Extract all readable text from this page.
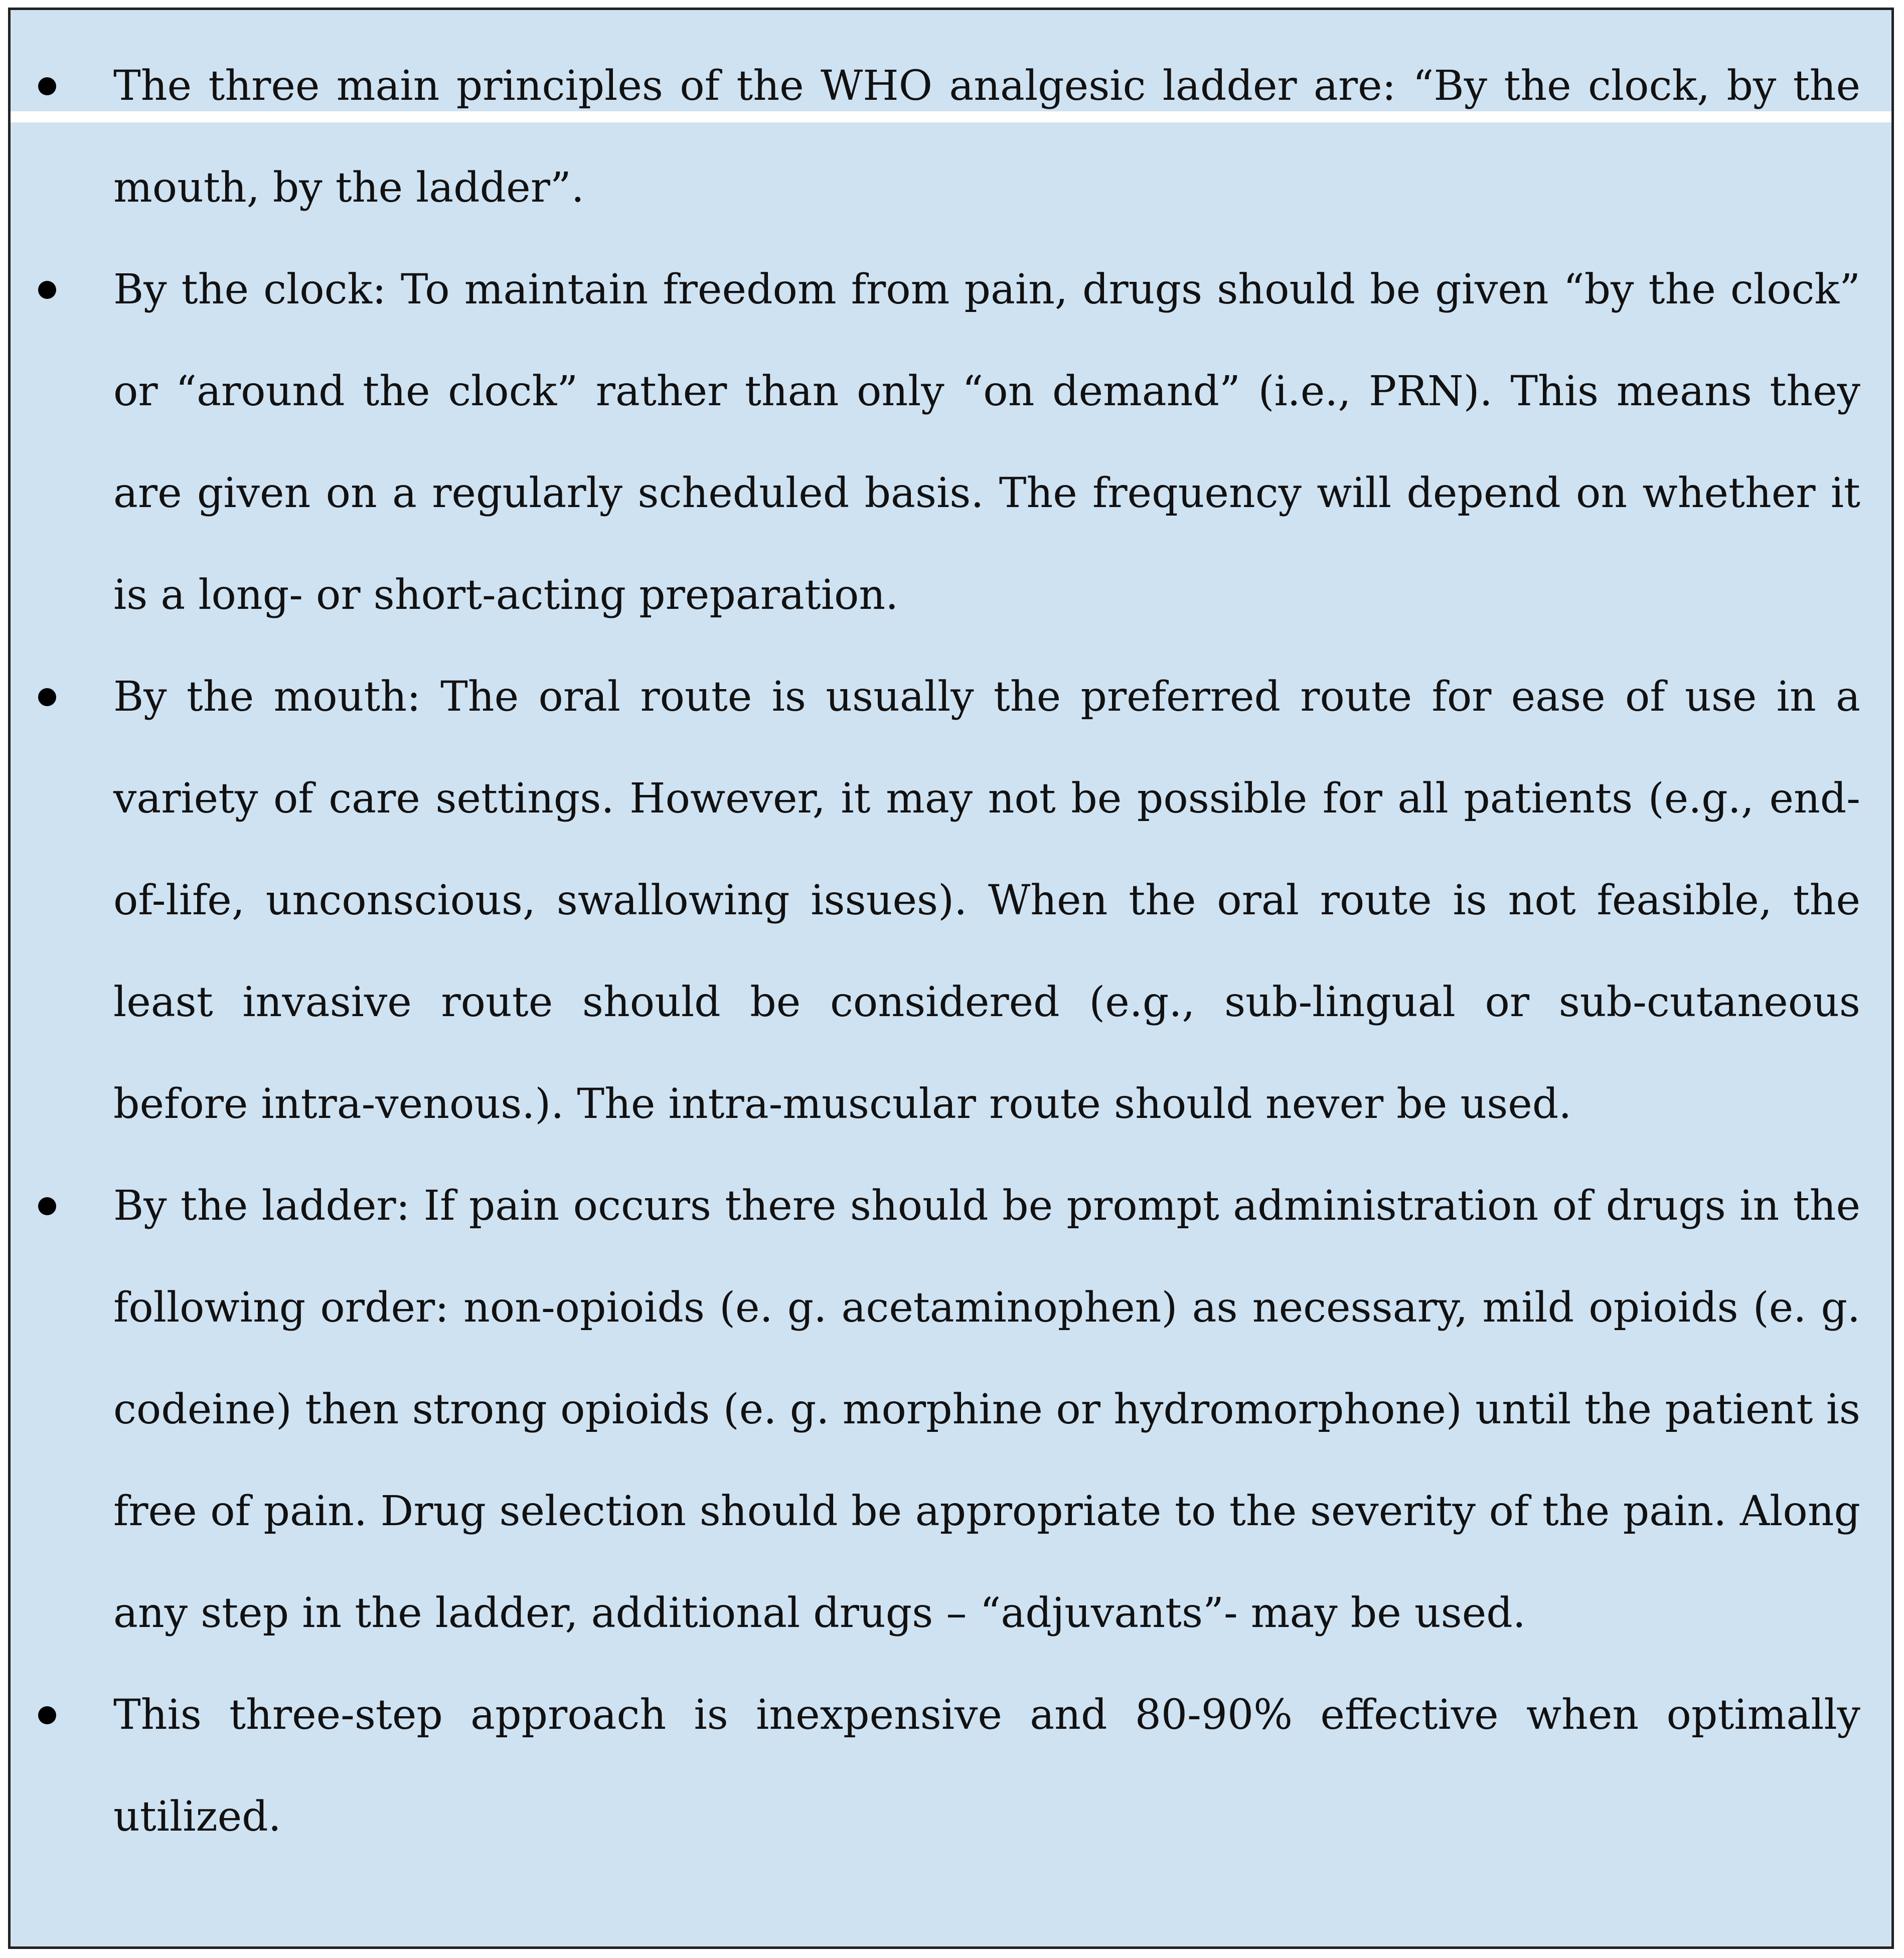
The three main principles of the WHO analgesic ladder are: “By the clock, by the mouth, by the ladder”.
By the clock: To maintain freedom from pain, drugs should be given “by the clock” or “around the clock” rather than only “on demand” (i.e., PRN). This means they are given on a regularly scheduled basis. The frequency will depend on whether it is a long- or short-acting preparation.
By the mouth: The oral route is usually the preferred route for ease of use in a variety of care settings. However, it may not be possible for all patients (e.g., end-of-life, unconscious, swallowing issues). When the oral route is not feasible, the least invasive route should be considered (e.g., sub-lingual or sub-cutaneous before intra-venous.). The intra-muscular route should never be used.
By the ladder: If pain occurs there should be prompt administration of drugs in the following order: non-opioids (e. g. acetaminophen) as necessary, mild opioids (e. g. codeine) then strong opioids (e. g. morphine or hydromorphone) until the patient is free of pain. Drug selection should be appropriate to the severity of the pain. Along any step in the ladder, additional drugs – “adjuvants”- may be used.
This three-step approach is inexpensive and 80-90% effective when optimally utilized.
